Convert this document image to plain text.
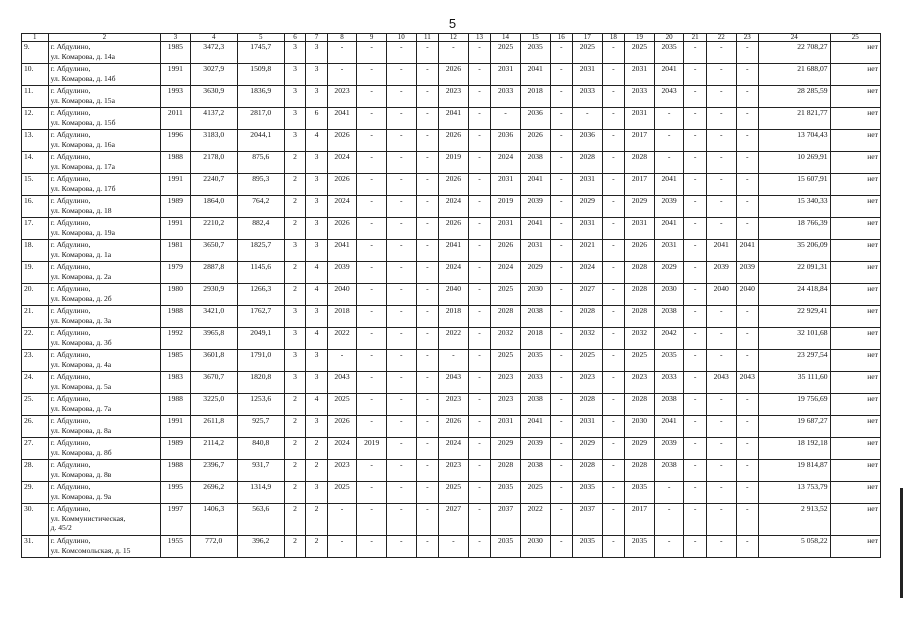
5
1	2	3	4	5	6	7	8	9	10	11	12	13	14	15	16	17	18	19	20	21	22	23	24	25
9.	г. Абдулино,
ул. Комарова, д. 14а	1985	3472,3	1745,7	3	3	-	-	-	-	-	-	2025	2035	-	2025	-	2025	2035	-	-	-	22 708,27	нет
10.	г. Абдулино,
ул. Комарова, д. 14б	1991	3027,9	1509,8	3	3	-	-	-	-	2026	-	2031	2041	-	2031	-	2031	2041	-	-	-	21 688,07	нет
11.	г. Абдулино,
ул. Комарова, д. 15а	1993	3630,9	1836,9	3	3	2023	-	-	-	2023	-	2033	2018	-	2033	-	2033	2043	-	-	-	28 285,59	нет
12.	г. Абдулино,
ул. Комарова, д. 15б	2011	4137,2	2817,0	3	6	2041	-	-	-	2041	-	-	2036	-	-	-	2031	-	-	-	-	21 821,77	нет
13.	г. Абдулино,
ул. Комарова, д. 16а	1996	3183,0	2044,1	3	4	2026	-	-	-	2026	-	2036	2026	-	2036	-	2017	-	-	-	-	13 704,43	нет
14.	г. Абдулино,
ул. Комарова, д. 17а	1988	2178,0	875,6	2	3	2024	-	-	-	2019	-	2024	2038	-	2028	-	2028	-	-	-	-	10 269,91	нет
15.	г. Абдулино,
ул. Комарова, д. 17б	1991	2240,7	895,3	2	3	2026	-	-	-	2026	-	2031	2041	-	2031	-	2017	2041	-	-	-	15 607,91	нет
16.	г. Абдулино,
ул. Комарова, д. 18	1989	1864,0	764,2	2	3	2024	-	-	-	2024	-	2019	2039	-	2029	-	2029	2039	-	-	-	15 340,33	нет
17.	г. Абдулино,
ул. Комарова, д. 19а	1991	2210,2	882,4	2	3	2026	-	-	-	2026	-	2031	2041	-	2031	-	2031	2041	-	-	-	18 766,39	нет
18.	г. Абдулино,
ул. Комарова, д. 1а	1981	3650,7	1825,7	3	3	2041	-	-	-	2041	-	2026	2031	-	2021	-	2026	2031	-	2041	2041	35 206,09	нет
19.	г. Абдулино,
ул. Комарова, д. 2а	1979	2887,8	1145,6	2	4	2039	-	-	-	2024	-	2024	2029	-	2024	-	2028	2029	-	2039	2039	22 091,31	нет
20.	г. Абдулино,
ул. Комарова, д. 2б	1980	2930,9	1266,3	2	4	2040	-	-	-	2040	-	2025	2030	-	2027	-	2028	2030	-	2040	2040	24 418,84	нет
21.	г. Абдулино,
ул. Комарова, д. 3а	1988	3421,0	1762,7	3	3	2018	-	-	-	2018	-	2028	2038	-	2028	-	2028	2038	-	-	-	22 929,41	нет
22.	г. Абдулино,
ул. Комарова, д. 3б	1992	3965,8	2049,1	3	4	2022	-	-	-	2022	-	2032	2018	-	2032	-	2032	2042	-	-	-	32 101,68	нет
23.	г. Абдулино,
ул. Комарова, д. 4а	1985	3601,8	1791,0	3	3	-	-	-	-	-	-	2025	2035	-	2025	-	2025	2035	-	-	-	23 297,54	нет
24.	г. Абдулино,
ул. Комарова, д. 5а	1983	3670,7	1820,8	3	3	2043	-	-	-	2043	-	2023	2033	-	2023	-	2023	2033	-	2043	2043	35 111,60	нет
25.	г. Абдулино,
ул. Комарова, д. 7а	1988	3225,0	1253,6	2	4	2025	-	-	-	2023	-	2023	2038	-	2028	-	2028	2038	-	-	-	19 756,69	нет
26.	г. Абдулино,
ул. Комарова, д. 8а	1991	2611,8	925,7	2	3	2026	-	-	-	2026	-	2031	2041	-	2031	-	2030	2041	-	-	-	19 687,27	нет
27.	г. Абдулино,
ул. Комарова, д. 8б	1989	2114,2	840,8	2	2	2024	2019	-	-	2024	-	2029	2039	-	2029	-	2029	2039	-	-	-	18 192,18	нет
28.	г. Абдулино,
ул. Комарова, д. 8в	1988	2396,7	931,7	2	2	2023	-	-	-	2023	-	2028	2038	-	2028	-	2028	2038	-	-	-	19 814,87	нет
29.	г. Абдулино,
ул. Комарова, д. 9а	1995	2696,2	1314,9	2	3	2025	-	-	-	2025	-	2035	2025	-	2035	-	2035	-	-	-	-	13 753,79	нет
30.	г. Абдулино,
ул. Коммунистическая,
д. 45/2	1997	1406,3	563,6	2	2	-	-	-	-	2027	-	2037	2022	-	2037	-	2017	-	-	-	-	2 913,52	нет
31.	г. Абдулино,
ул. Комсомольская, д. 15	1955	772,0	396,2	2	2	-	-	-	-	-	-	2035	2030	-	2035	-	2035	-	-	-	-	5 058,22	нет
